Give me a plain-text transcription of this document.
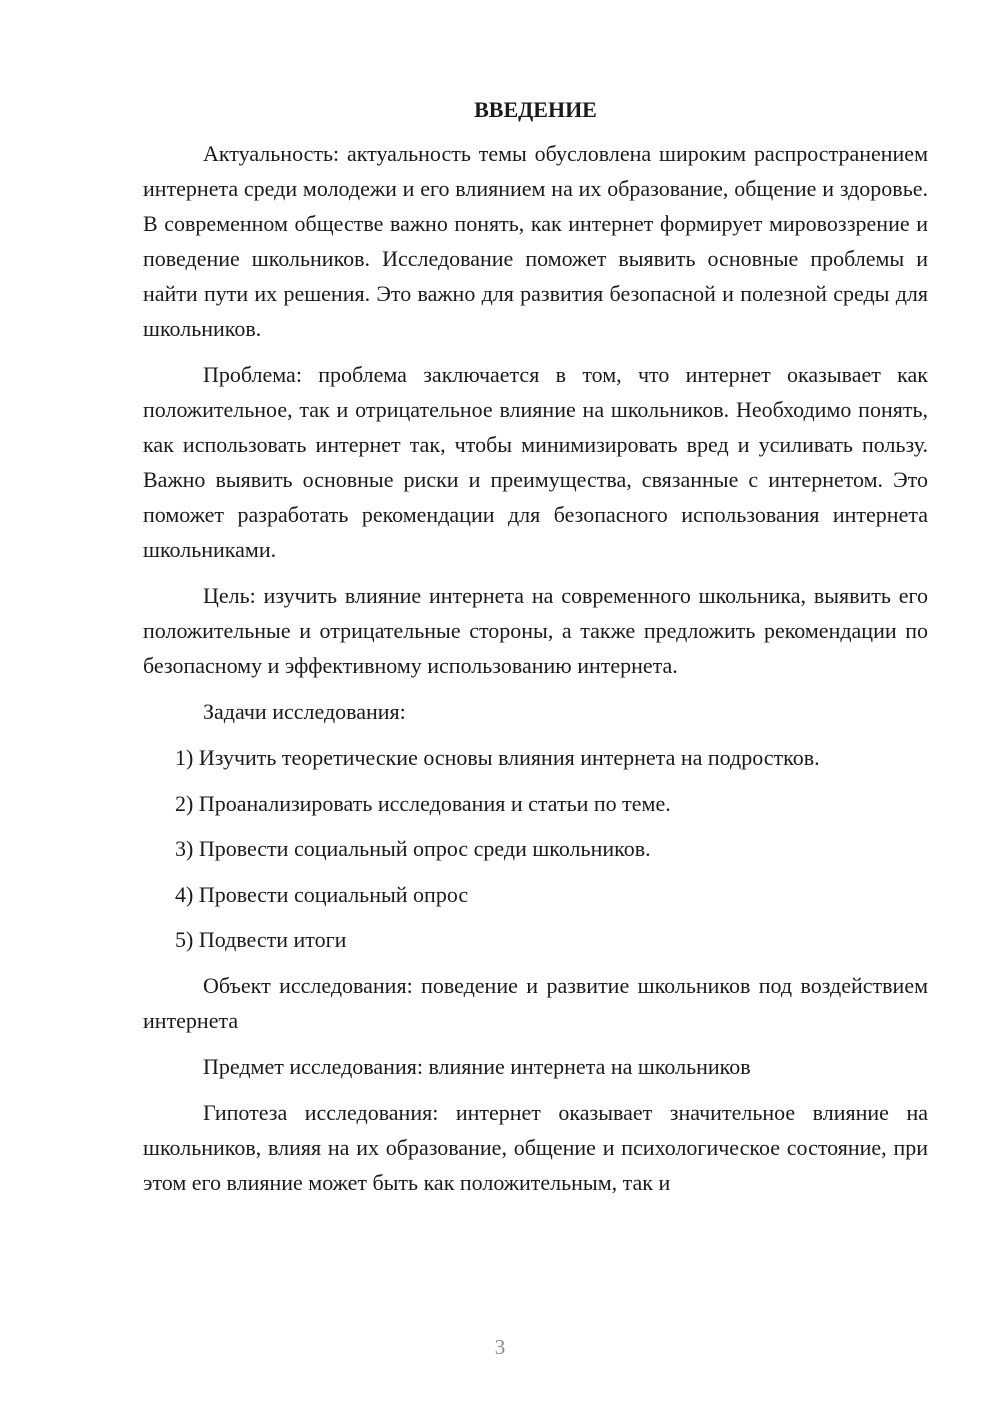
ВВЕДЕНИЕ

Актуальность: актуальность темы обусловлена широким распространением интернета среди молодежи и его влиянием на их образование, общение и здоровье. В современном обществе важно понять, как интернет формирует мировоззрение и поведение школьников. Исследование поможет выявить основные проблемы и найти пути их решения. Это важно для развития безопасной и полезной среды для школьников.

Проблема: проблема заключается в том, что интернет оказывает как положительное, так и отрицательное влияние на школьников. Необходимо понять, как использовать интернет так, чтобы минимизировать вред и усиливать пользу. Важно выявить основные риски и преимущества, связанные с интернетом. Это поможет разработать рекомендации для безопасного использования интернета школьниками.

Цель: изучить влияние интернета на современного школьника, выявить его положительные и отрицательные стороны, а также предложить рекомендации по безопасному и эффективному использованию интернета.

Задачи исследования:

1) Изучить теоретические основы влияния интернета на подростков.

2) Проанализировать исследования и статьи по теме.

3) Провести социальный опрос среди школьников.

4) Провести социальный опрос

5) Подвести итоги

Объект исследования: поведение и развитие школьников под воздействием интернета

Предмет исследования: влияние интернета на школьников

Гипотеза исследования: интернет оказывает значительное влияние на школьников, влияя на их образование, общение и психологическое состояние, при этом его влияние может быть как положительным, так и

3
